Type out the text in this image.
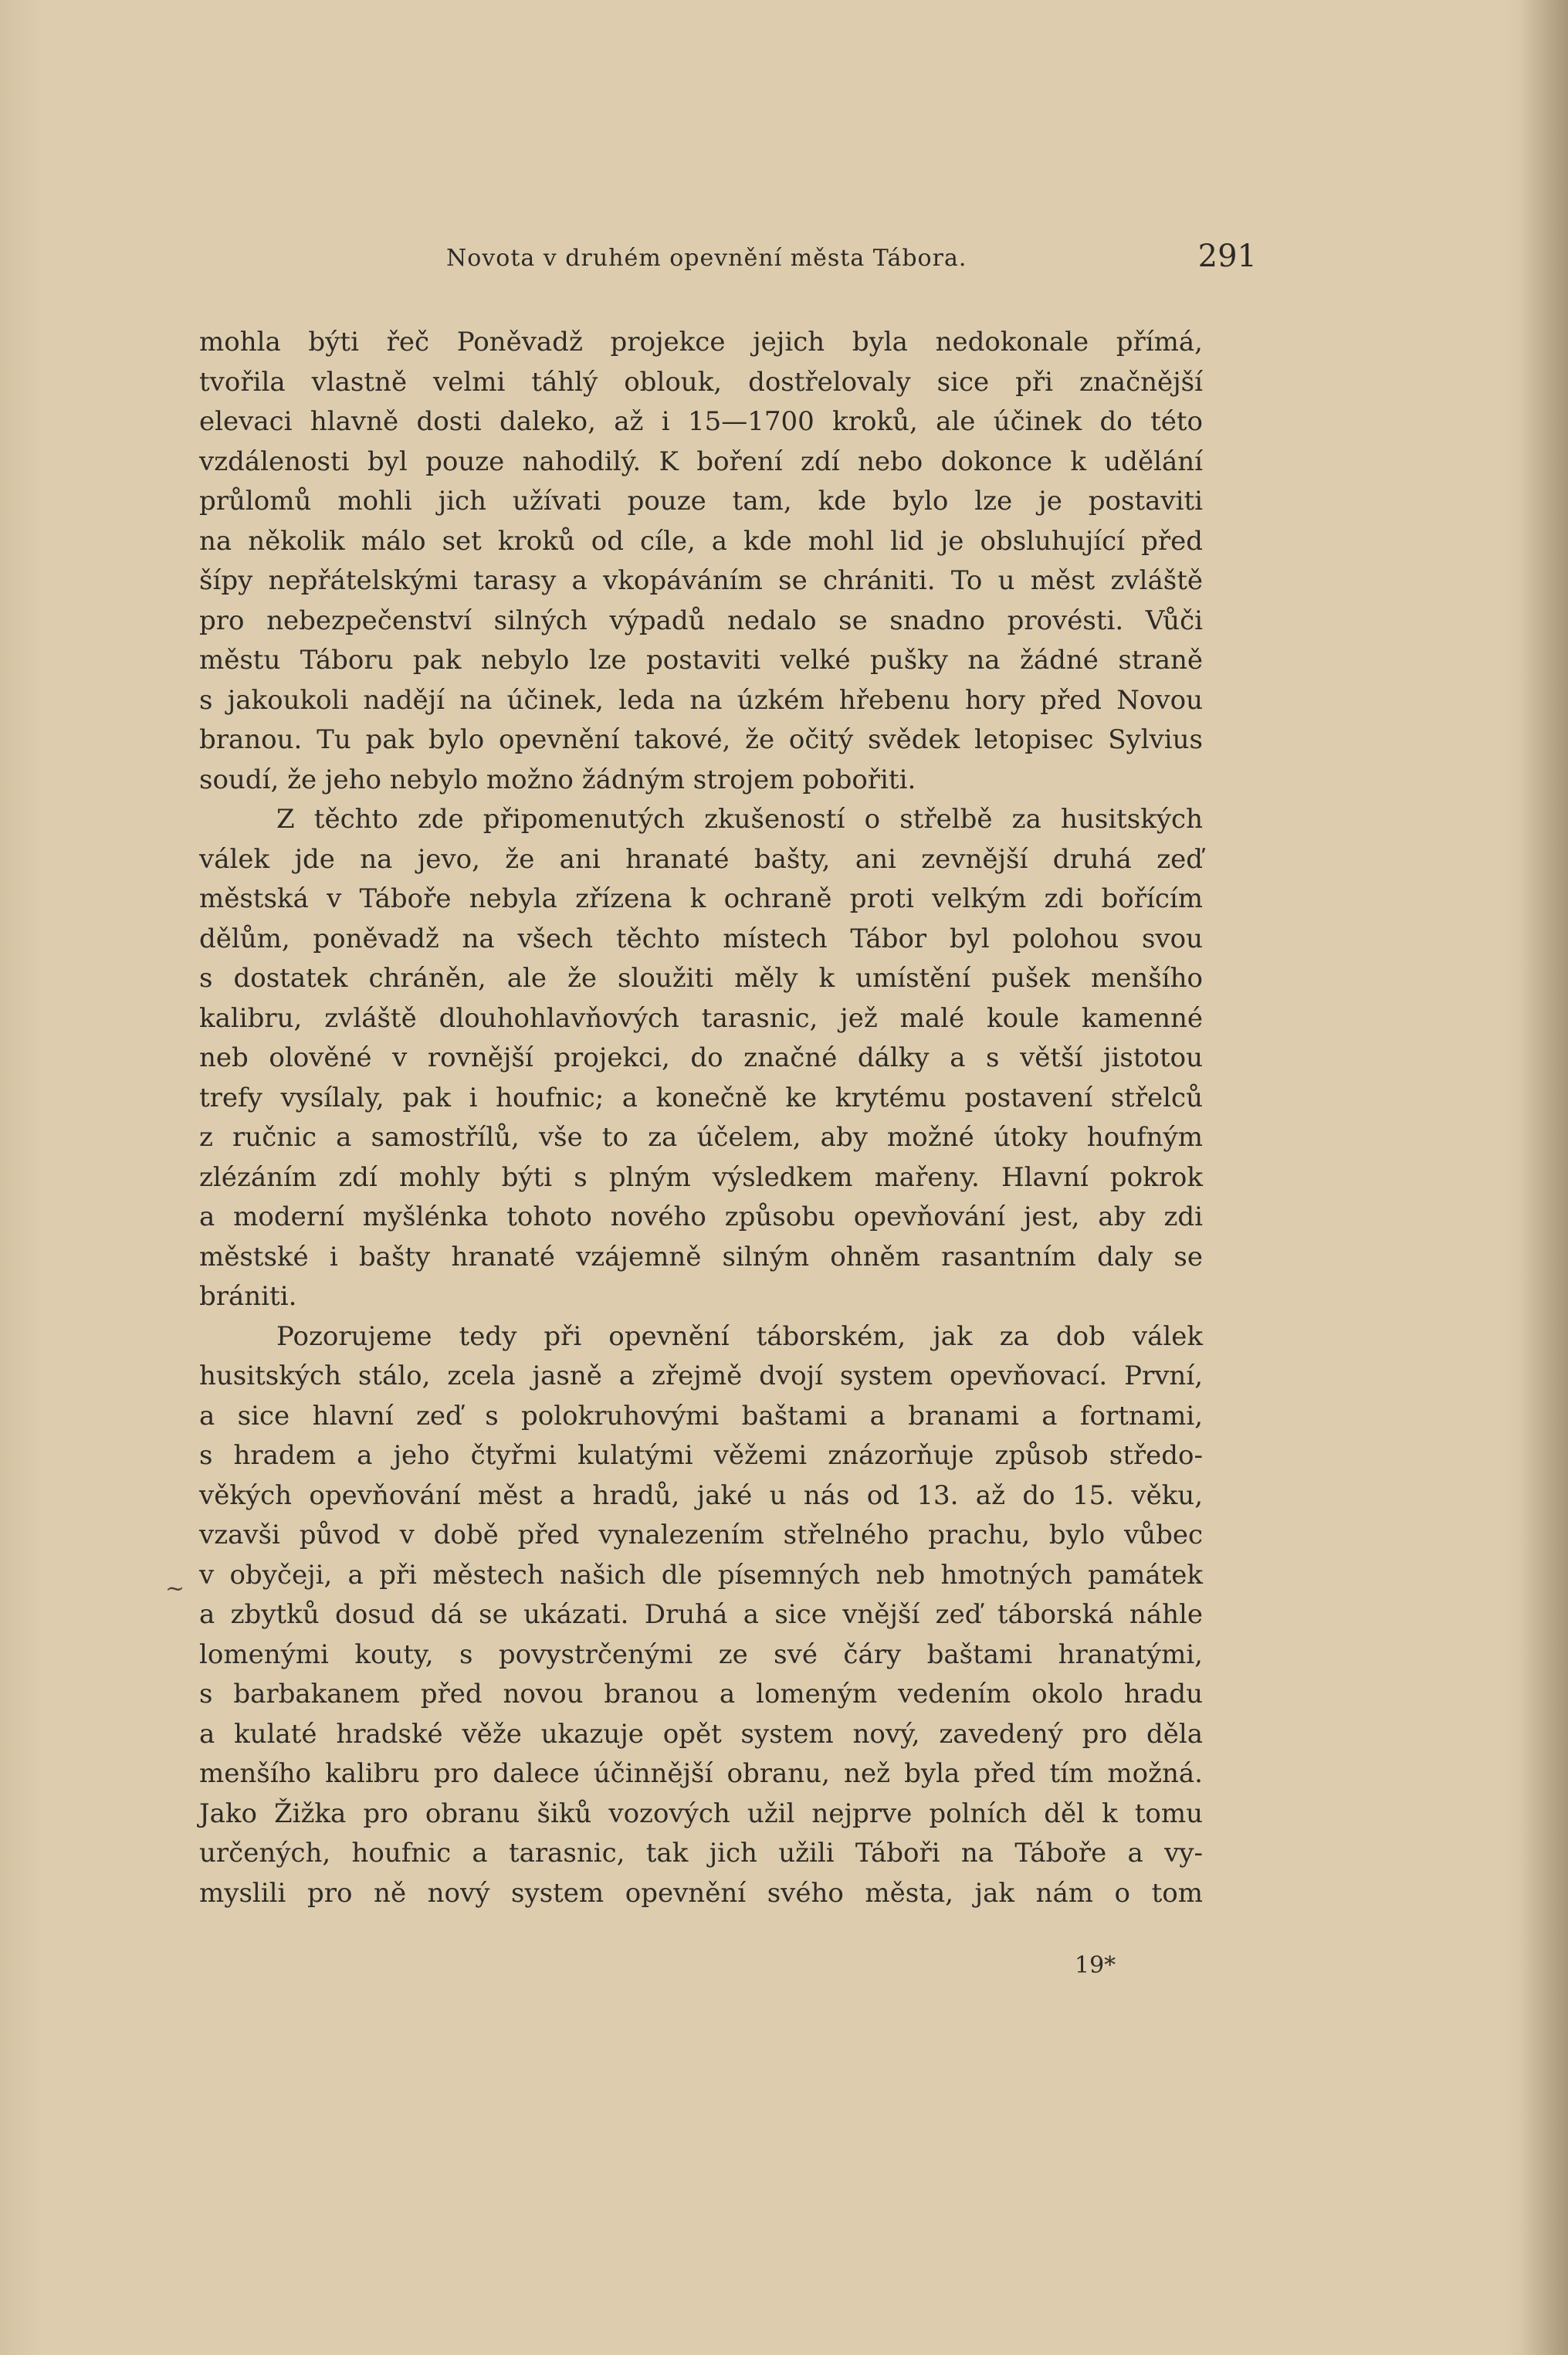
Novota v druhém opevnění města Tábora.	291
~
mohla býti řeč Poněvadž projekce jejich byla nedokonale přímá,
tvořila vlastně velmi táhlý oblouk, dostřelovaly sice při značnější
elevaci hlavně dosti daleko, až i 15—1700 kroků, ale účinek do této
vzdálenosti byl pouze nahodilý. K boření zdí nebo dokonce k udělání
průlomů mohli jich užívati pouze tam, kde bylo lze je postaviti
na několik málo set kroků od cíle, a kde mohl lid je obsluhující před
šípy nepřátelskými tarasy a vkopáváním se chrániti. To u měst zvláště
pro nebezpečenství silných výpadů nedalo se snadno provésti. Vůči
městu Táboru pak nebylo lze postaviti velké pušky na žádné straně
s jakoukoli nadějí na účinek, leda na úzkém hřebenu hory před Novou
branou. Tu pak bylo opevnění takové, že očitý svědek letopisec Sylvius
soudí, že jeho nebylo možno žádným strojem pobořiti.
Z těchto zde připomenutých zkušeností o střelbě za husitských
válek jde na jevo, že ani hranaté bašty, ani zevnější druhá zeď
městská v Táboře nebyla zřízena k ochraně proti velkým zdi bořícím
dělům, poněvadž na všech těchto místech Tábor byl polohou svou
s dostatek chráněn, ale že sloužiti měly k umístění pušek menšího
kalibru, zvláště dlouhohlavňových tarasnic, jež malé koule kamenné
neb olověné v rovnější projekci, do značné dálky a s větší jistotou
trefy vysílaly, pak i houfnic; a konečně ke krytému postavení střelců
z ručnic a samostřílů, vše to za účelem, aby možné útoky houfným
zlézáním zdí mohly býti s plným výsledkem mařeny. Hlavní pokrok
a moderní myšlénka tohoto nového způsobu opevňování jest, aby zdi
městské i bašty hranaté vzájemně silným ohněm rasantním daly se
brániti.
Pozorujeme tedy při opevnění táborském, jak za dob válek
husitských stálo, zcela jasně a zřejmě dvojí system opevňovací. První,
a sice hlavní zeď s polokruhovými baštami a branami a fortnami,
s hradem a jeho čtyřmi kulatými věžemi znázorňuje způsob středo-
věkých opevňování měst a hradů, jaké u nás od 13. až do 15. věku,
vzavši původ v době před vynalezením střelného prachu, bylo vůbec
v obyčeji, a při městech našich dle písemných neb hmotných památek
a zbytků dosud dá se ukázati. Druhá a sice vnější zeď táborská náhle
lomenými kouty, s povystrčenými ze své čáry baštami hranatými,
s barbakanem před novou branou a lomeným vedením okolo hradu
a kulaté hradské věže ukazuje opět system nový, zavedený pro děla
menšího kalibru pro dalece účinnější obranu, než byla před tím možná.
Jako Žižka pro obranu šiků vozových užil nejprve polních děl k tomu
určených, houfnic a tarasnic, tak jich užili Táboři na Táboře a vy-
myslili pro ně nový system opevnění svého města, jak nám o tom
19*
